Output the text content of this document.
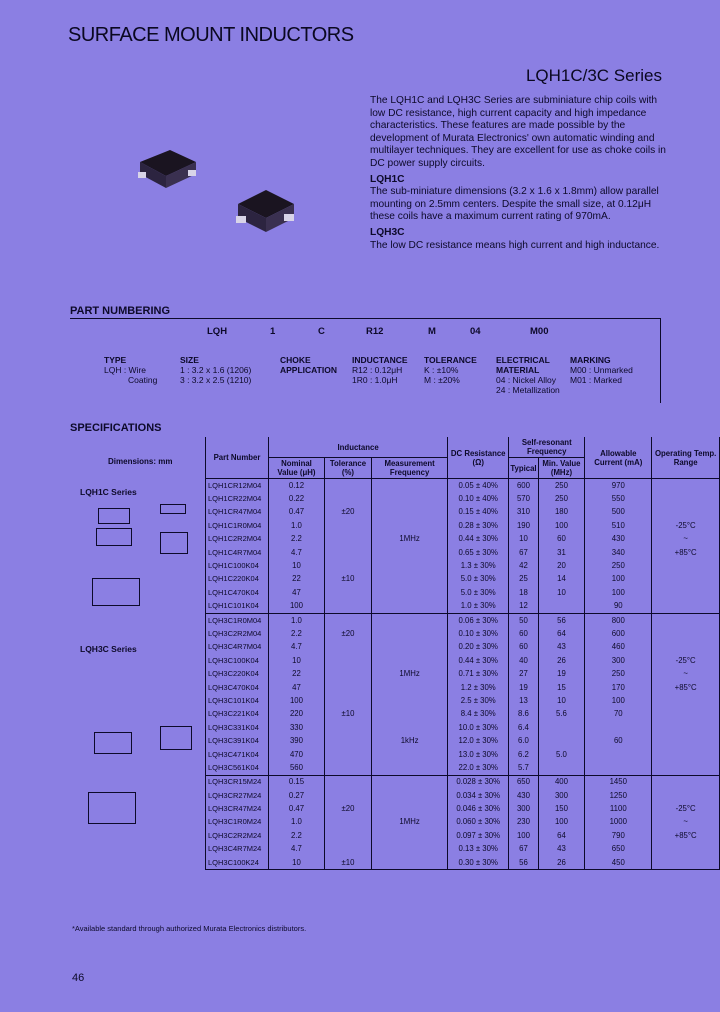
SURFACE MOUNT INDUCTORS
LQH1C/3C Series

The LQH1C and LQH3C Series are subminiature chip coils with low DC resistance, high current capacity and high impedance characteristics. These features are made possible by the development of Murata Electronics' own automatic winding and multilayer techniques. They are excellent for use as choke coils in DC power supply circuits.

LQH1C

The sub-miniature dimensions (3.2 x 1.6 x 1.8mm) allow parallel mounting on 2.5mm centers. Despite the small size, at 0.12μH these coils have a maximum current rating of 970mA.

LQH3C

The low DC resistance means high current and high inductance.

PART NUMBERING
LQH	1	C	R12	M	04	M00
TYPE
LQH : Wire
Coating
SIZE
1 : 3.2 x 1.6 (1206)
3 : 3.2 x 2.5 (1210)
CHOKE APPLICATION
INDUCTANCE
R12 : 0.12μH
1R0 : 1.0μH
TOLERANCE
K : ±10%
M : ±20%
ELECTRICAL MATERIAL
04 : Nickel Alloy
24 : Metallization
MARKING
M00 : Unmarked
M01 : Marked
SPECIFICATIONS
Dimensions: mm
LQH1C Series
LQH3C Series
Part Number	Inductance			DC Resistance (Ω)	Self-resonant Frequency		Allowable Current (mA)	Operating Temp. Range
	Nominal Value (μH)	Tolerance (%)	Measurement Frequency		Typical	Min. Value (MHz)		
LQH1CR12M04	0.12			0.05 ± 40%	600	250	970	
LQH1CR22M04	0.22			0.10 ± 40%	570	250	550	
LQH1CR47M04	0.47	±20		0.15 ± 40%	310	180	500	
LQH1C1R0M04	1.0			0.28 ± 30%	190	100	510	-25°C
LQH1C2R2M04	2.2		1MHz	0.44 ± 30%	10	60	430	~
LQH1C4R7M04	4.7			0.65 ± 30%	67	31	340	+85°C
LQH1C100K04	10			1.3 ± 30%	42	20	250	
LQH1C220K04	22	±10		5.0 ± 30%	25	14	100	
LQH1C470K04	47			5.0 ± 30%	18	10	100	
LQH1C101K04	100			1.0 ± 30%	12		90	
LQH3C1R0M04	1.0			0.06 ± 30%	50	56	800	
LQH3C2R2M04	2.2	±20		0.10 ± 30%	60	64	600	
LQH3C4R7M04	4.7			0.20 ± 30%	60	43	460	
LQH3C100K04	10			0.44 ± 30%	40	26	300	-25°C
LQH3C220K04	22		1MHz	0.71 ± 30%	27	19	250	~
LQH3C470K04	47			1.2 ± 30%	19	15	170	+85°C
LQH3C101K04	100			2.5 ± 30%	13	10	100	
LQH3C221K04	220	±10		8.4 ± 30%	8.6	5.6	70	
LQH3C331K04	330			10.0 ± 30%	6.4			
LQH3C391K04	390		1kHz	12.0 ± 30%	6.0		60	
LQH3C471K04	470			13.0 ± 30%	6.2	5.0		
LQH3C561K04	560			22.0 ± 30%	5.7			
LQH3CR15M24	0.15			0.028 ± 30%	650	400	1450	
LQH3CR27M24	0.27			0.034 ± 30%	430	300	1250	
LQH3CR47M24	0.47	±20		0.046 ± 30%	300	150	1100	-25°C
LQH3C1R0M24	1.0		1MHz	0.060 ± 30%	230	100	1000	~
LQH3C2R2M24	2.2			0.097 ± 30%	100	64	790	+85°C
LQH3C4R7M24	4.7			0.13 ± 30%	67	43	650	
LQH3C100K24	10	±10		0.30 ± 30%	56	26	450	
*Available standard through authorized Murata Electronics distributors.
46
